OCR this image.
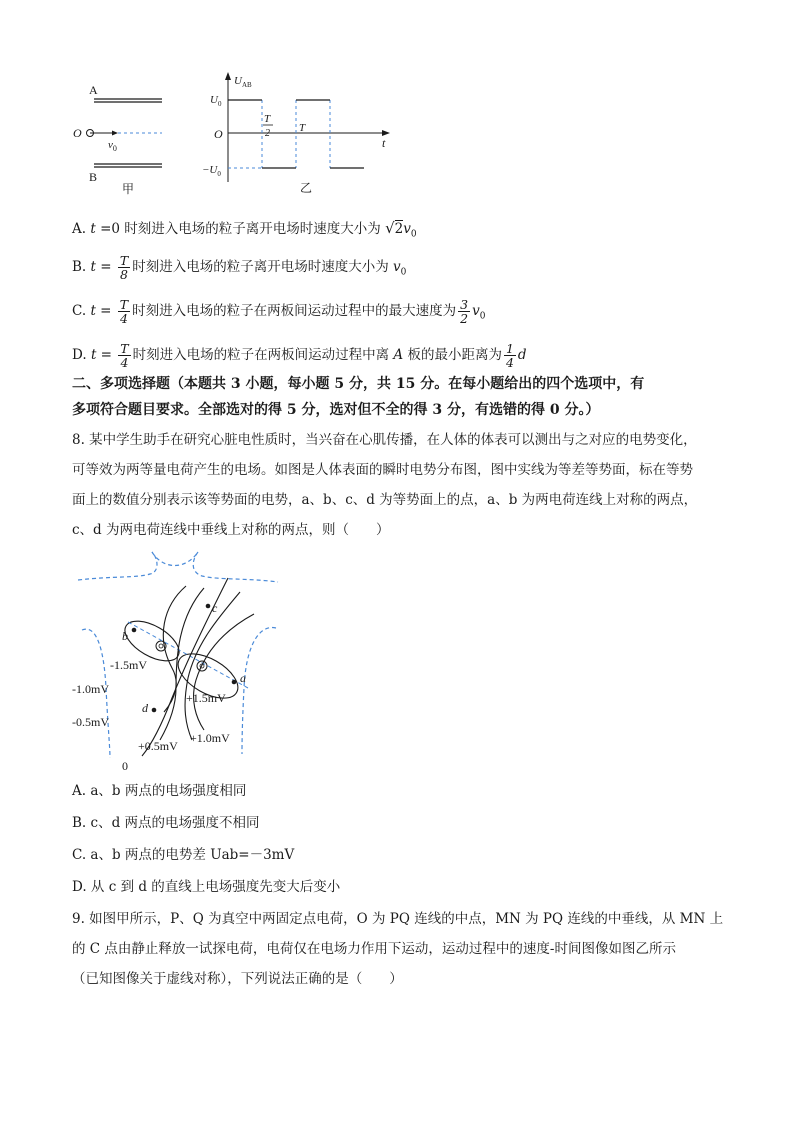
A
O
$v_0$
B
甲
$U_{AB}$
t
O
$U_0$
$-U_0$
T
2	T
乙
A. t =0 时刻进入电场的粒子离开电场时速度大小为 $√2v_0$
B. $t = \frac{T}{8}$ 时刻进入电场的粒子离开电场时速度大小为 $v_0$
C. $t = \frac{T}{4}$ 时刻进入电场的粒子在两板间运动过程中的最大速度为 $\frac{3}{2} v_0$
D. $t = \frac{T}{4}$ 时刻进入电场的粒子在两板间运动过程中离 A 板的最小距离为 $\frac{1}{4}$ d
二、多项选择题（本题共 3 小题，每小题 5 分，共 15 分。在每小题给出的四个选项中，有
多项符合题目要求。全部选对的得 5 分，选对但不全的得 3 分，有选错的得 0 分。）
8. 某中学生助手在研究心脏电性质时，当兴奋在心肌传播，在人体的体表可以测出与之对应的电势变化，
可等效为两等量电荷产生的电场。如图是人体表面的瞬时电势分布图，图中实线为等差等势面，标在等势
面上的数值分别表示该等势面的电势，a、b、c、d 为等势面上的点，a、b 为两电荷连线上对称的两点，
c、d 为两电荷连线中垂线上对称的两点，则（　　）
c
b
a
d
-1.5mV
-1.0mV
-0.5mV
+1.5mV
+1.0mV
+0.5mV
0
A. a、b 两点的电场强度相同
B. c、d 两点的电场强度不相同
C. a、b 两点的电势差 Uab=－3mV
D. 从 c 到 d 的直线上电场强度先变大后变小
9. 如图甲所示，P、Q 为真空中两固定点电荷，O 为 PQ 连线的中点，MN 为 PQ 连线的中垂线，从 MN 上
的 C 点由静止释放一试探电荷，电荷仅在电场力作用下运动，运动过程中的速度-时间图像如图乙所示
（已知图像关于虚线对称），下列说法正确的是（　　）
